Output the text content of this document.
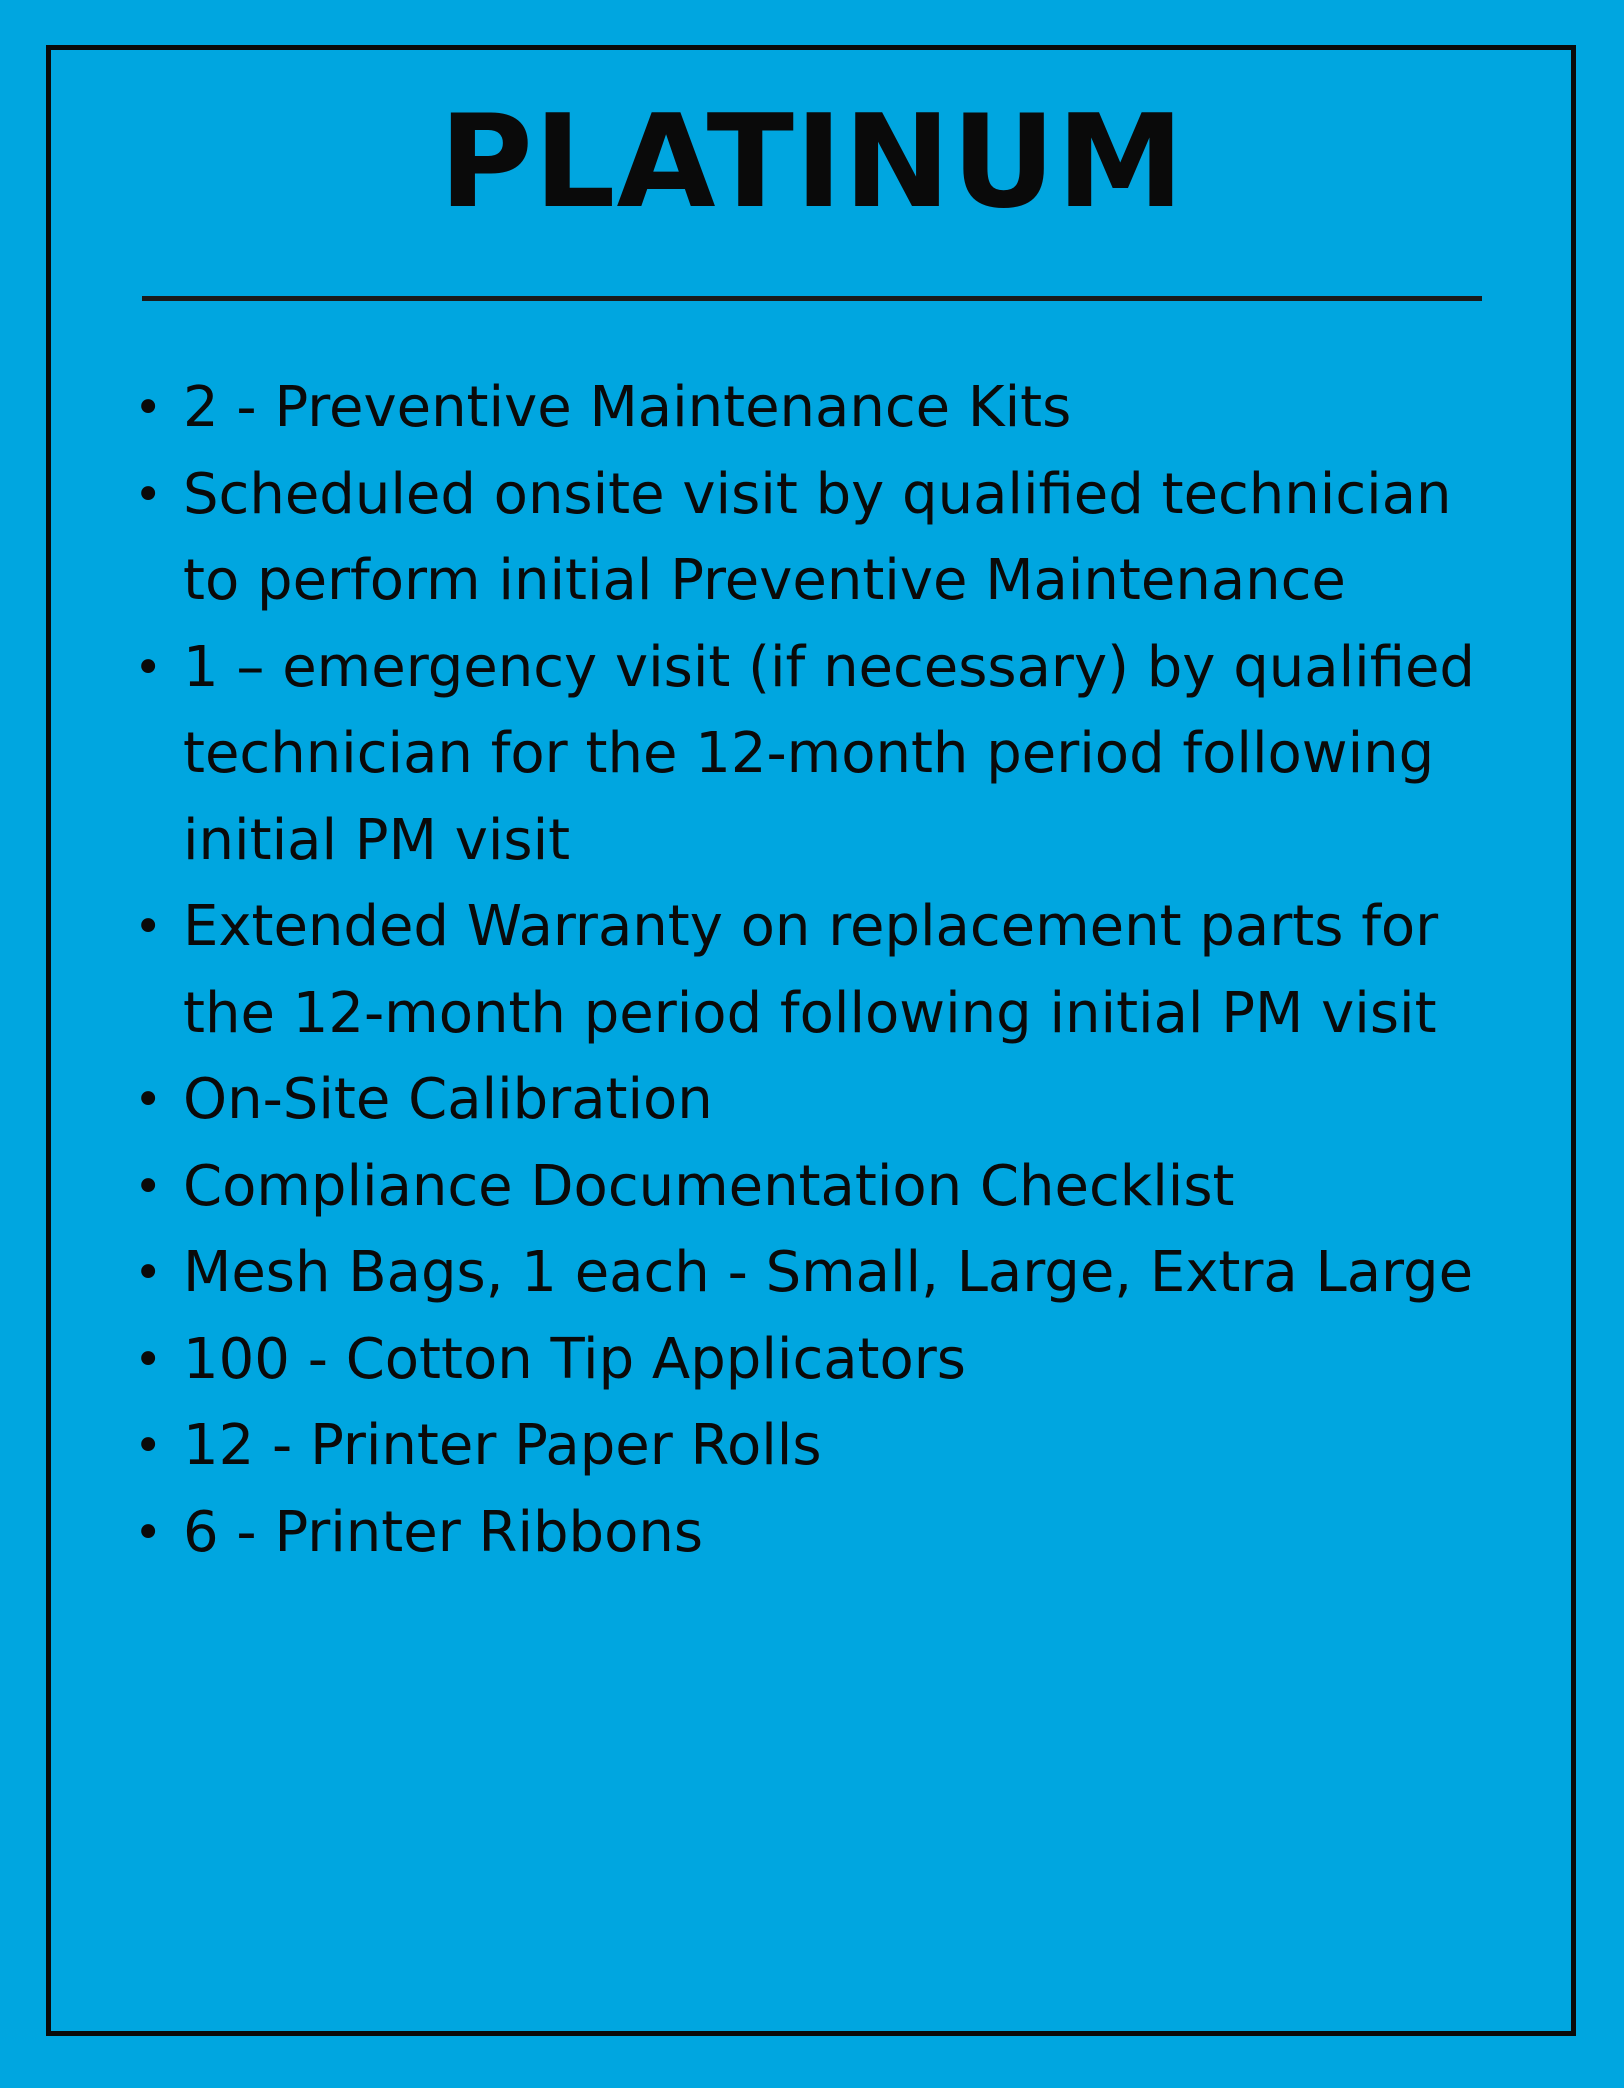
PLATINUM
• 2 - Preventive Maintenance Kits
• Scheduled onsite visit by qualified technician to perform initial Preventive Maintenance
• 1 – emergency visit (if necessary) by qualified technician for the 12-month period following initial PM visit
• Extended Warranty on replacement parts for the 12-month period following initial PM visit
• On-Site Calibration
• Compliance Documentation Checklist
• Mesh Bags, 1 each - Small, Large, Extra Large
• 100 - Cotton Tip Applicators
• 12 - Printer Paper Rolls
• 6 - Printer Ribbons
